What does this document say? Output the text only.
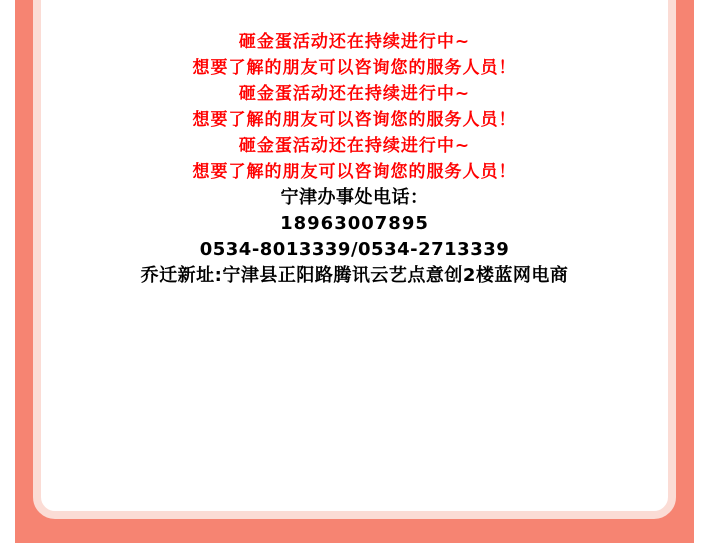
砸金蛋活动还在持续进行中~

想要了解的朋友可以咨询您的服务人员！

砸金蛋活动还在持续进行中~

想要了解的朋友可以咨询您的服务人员！

砸金蛋活动还在持续进行中~

想要了解的朋友可以咨询您的服务人员！

宁津办事处电话：

18963007895

0534-8013339/0534-2713339

乔迁新址:宁津县正阳路腾讯云艺点意创2楼蓝网电商
